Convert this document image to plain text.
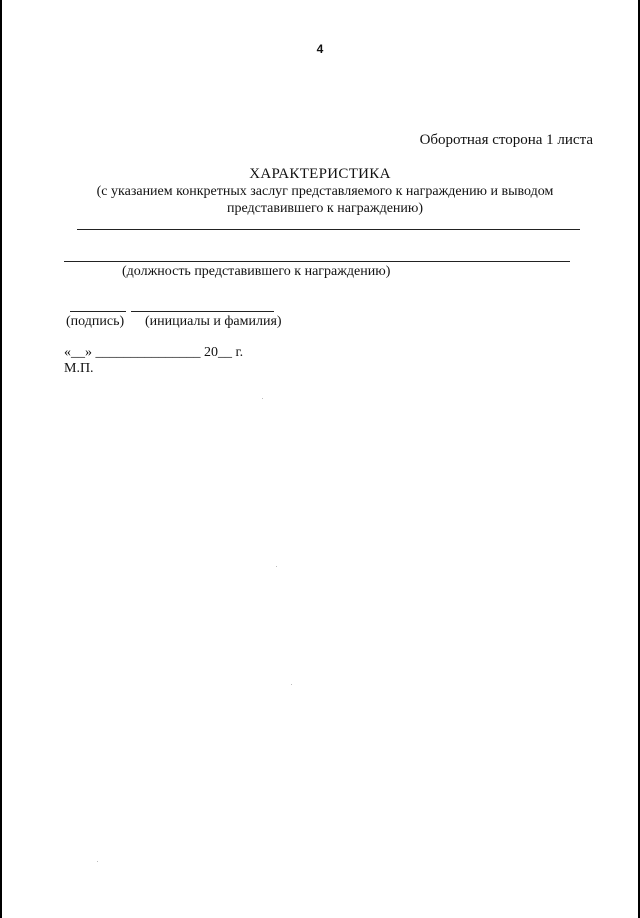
4
Оборотная сторона 1 листа
ХАРАКТЕРИСТИКА
(с указанием конкретных заслуг представляемого к награждению и выводом представившего к награждению)
(должность представившего к награждению)
(подпись) (инициалы и фамилия)
«__» _______________ 20__ г.
М.П.
